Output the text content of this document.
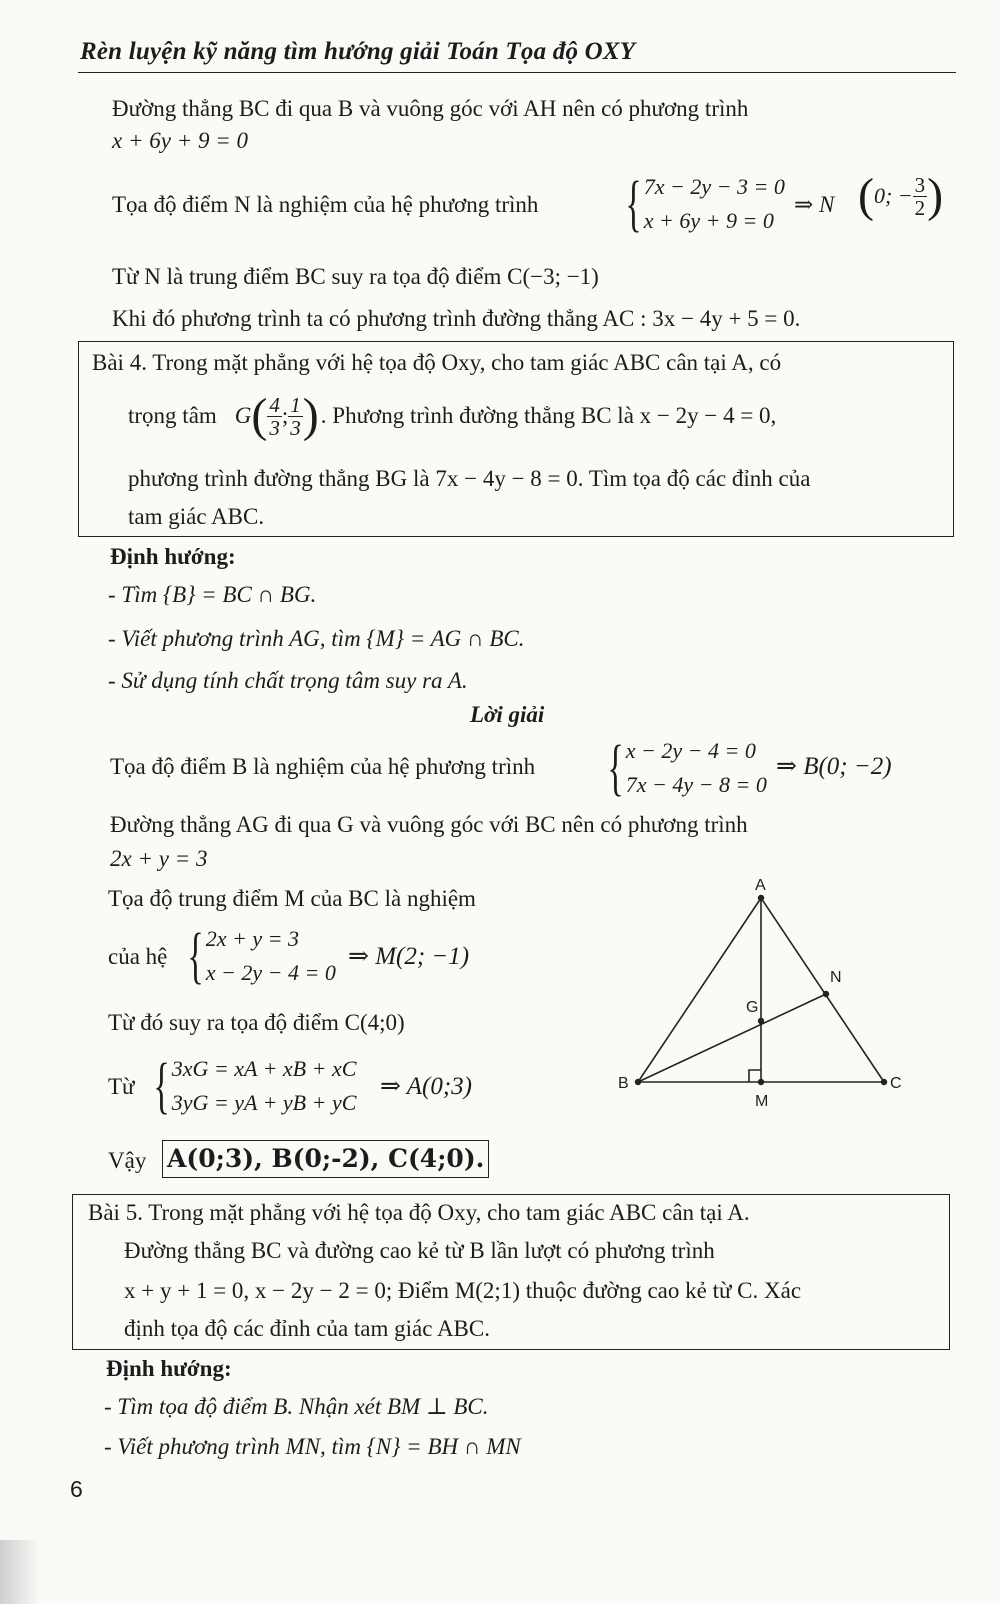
Rèn luyện kỹ năng tìm hướng giải Toán Tọa độ OXY
Đường thẳng BC đi qua B và vuông góc với AH nên có phương trình
x + 6y + 9 = 0
Tọa độ điểm N là nghiệm của hệ phương trình { 7x − 2y − 3 = 0
x + 6y + 9 = 0
⇒ N ( 0; − $\frac{3}{2}$ )
Từ N là trung điểm BC suy ra tọa độ điểm C(−3; −1)
Khi đó phương trình ta có phương trình đường thẳng AC : 3x − 4y + 5 = 0.
Bài 4. Trong mặt phẳng với hệ tọa độ Oxy, cho tam giác ABC cân tại A, có
trọng tâm G ( $\frac{4}{3}$ ; $\frac{1}{3}$ ) . Phương trình đường thẳng BC là x − 2y − 4 = 0,
phương trình đường thẳng BG là 7x − 4y − 8 = 0. Tìm tọa độ các đỉnh của
tam giác ABC.
Định hướng:
- Tìm {B} = BC ∩ BG.
- Viết phương trình AG, tìm {M} = AG ∩ BC.
- Sử dụng tính chất trọng tâm suy ra A.
Lời giải
Tọa độ điểm B là nghiệm của hệ phương trình { x − 2y − 4 = 0
7x − 4y − 8 = 0
⇒ B(0; −2)
Đường thẳng AG đi qua G và vuông góc với BC nên có phương trình
2x + y = 3
Tọa độ trung điểm M của BC là nghiệm
của hệ { 2x + y = 3
x − 2y − 4 = 0
⇒ M(2; −1)
Từ đó suy ra tọa độ điểm C(4;0)
Từ { 3xG = xA + xB + xC
3yG = yA + yB + yC
⇒ A(0;3)
Vậy A(0;3), B(0;-2), C(4;0).
A
B	C
G
M
N
Bài 5. Trong mặt phẳng với hệ tọa độ Oxy, cho tam giác ABC cân tại A.
Đường thẳng BC và đường cao kẻ từ B lần lượt có phương trình
x + y + 1 = 0, x − 2y − 2 = 0; Điểm M(2;1) thuộc đường cao kẻ từ C. Xác
định tọa độ các đỉnh của tam giác ABC.
Định hướng:
- Tìm tọa độ điểm B. Nhận xét BM ⊥ BC.
- Viết phương trình MN, tìm {N} = BH ∩ MN
6
